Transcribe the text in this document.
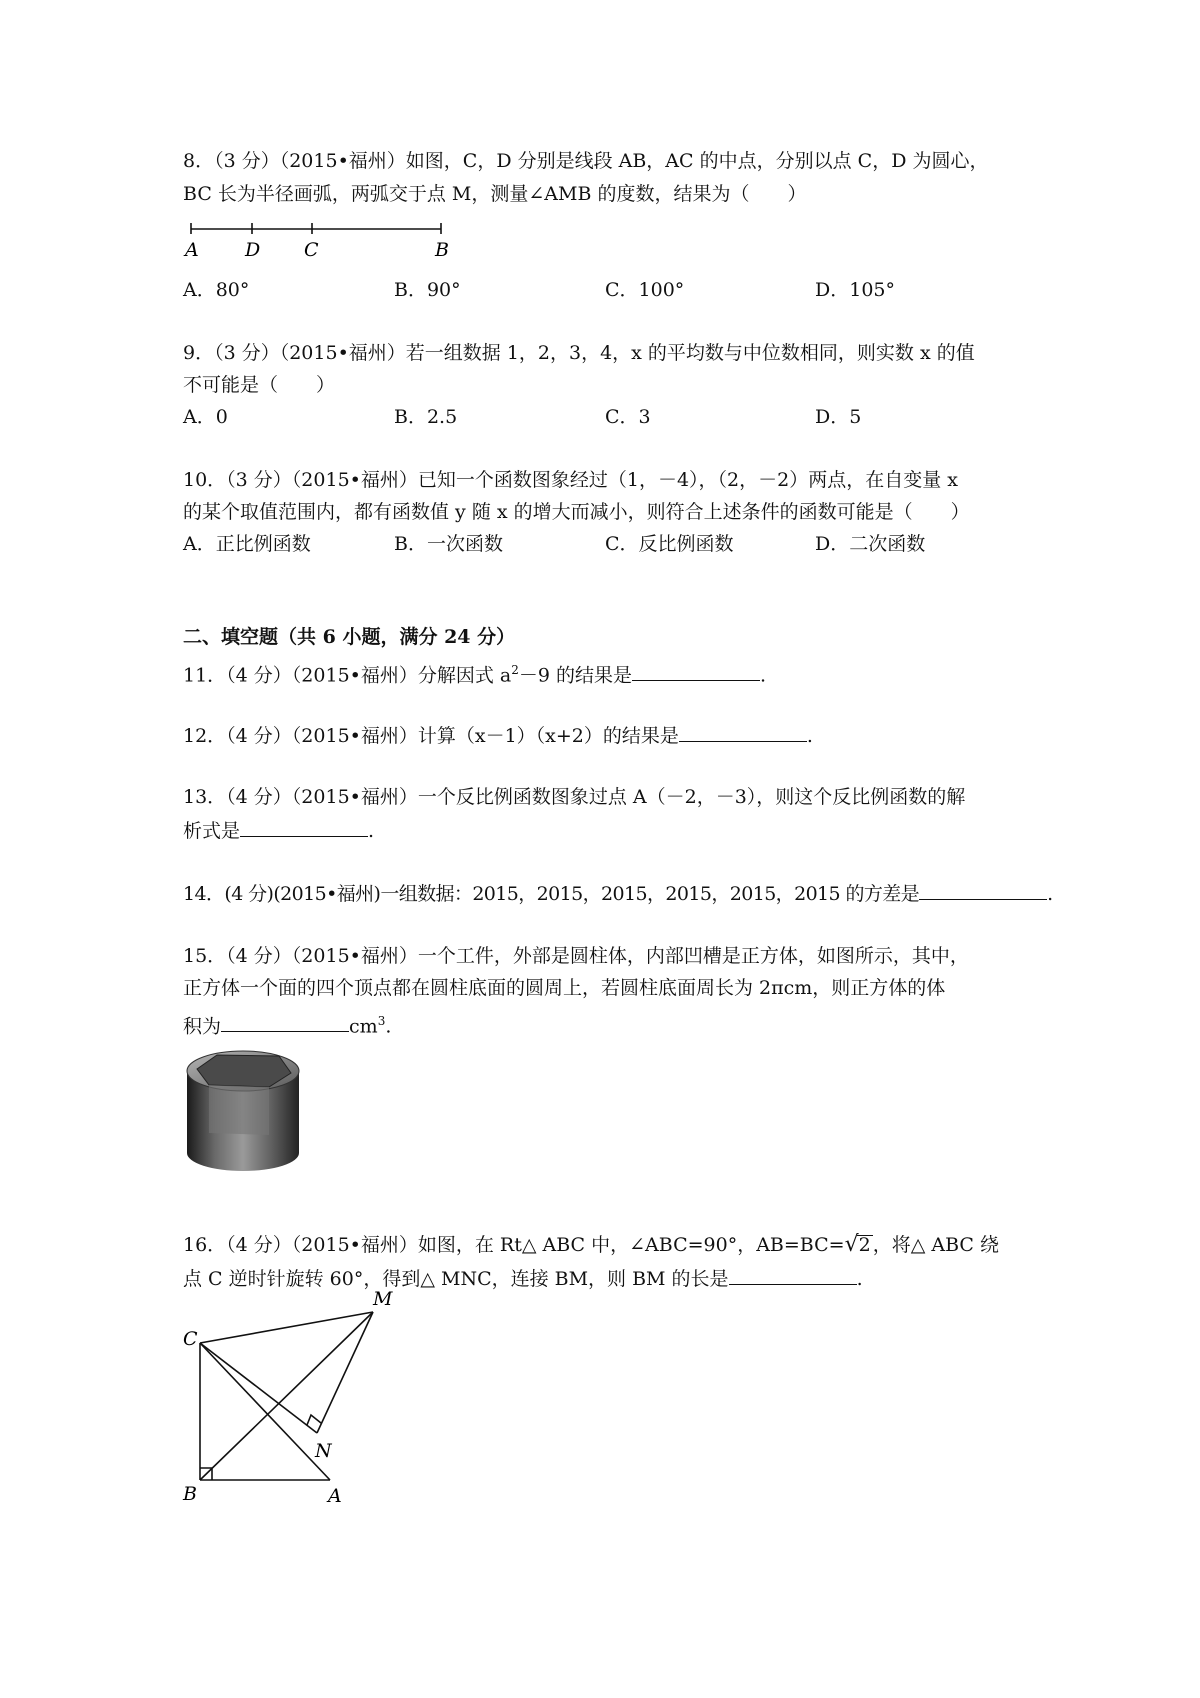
8．（3 分）（2015•福州）如图，C，D 分别是线段 AB，AC 的中点，分别以点 C，D 为圆心，
BC 长为半径画弧，两弧交于点 M，测量∠AMB 的度数，结果为（　　）
A D C	B
A．80°	B．90°	C．100°	D．105°
9．（3 分）（2015•福州）若一组数据 1，2，3，4，x 的平均数与中位数相同，则实数 x 的值
不可能是（　　）
A．0	B．2.5	C．3	D．5
10．（3 分）（2015•福州）已知一个函数图象经过（1，－4），（2，－2）两点，在自变量 x
的某个取值范围内，都有函数值 y 随 x 的增大而减小，则符合上述条件的函数可能是（　　）
A．正比例函数	B．一次函数	C．反比例函数	D．二次函数
二、填空题（共 6 小题，满分 24 分）
11．（4 分）（2015•福州）分解因式 $a^2-9$ 的结果是	.
12．（4 分）（2015•福州）计算（x－1）（x+2）的结果是	.
13．（4 分）（2015•福州）一个反比例函数图象过点 A（－2，－3），则这个反比例函数的解
析式是	.
14．(4 分)(2015•福州)一组数据：2015，2015，2015，2015，2015，2015 的方差是	.
15．（4 分）（2015•福州）一个工件，外部是圆柱体，内部凹槽是正方体，如图所示，其中，
正方体一个面的四个顶点都在圆柱底面的圆周上，若圆柱底面周长为 2πcm，则正方体的体
积为	$cm^3$.
16．（4 分）（2015•福州）如图，在 Rt△ ABC 中，∠ABC=90°，AB=BC=√2 ，将△ ABC 绕
点 C 逆时针旋转 60°，得到△ MNC，连接 BM，则 BM 的长是	.
M
C
N
B	A
